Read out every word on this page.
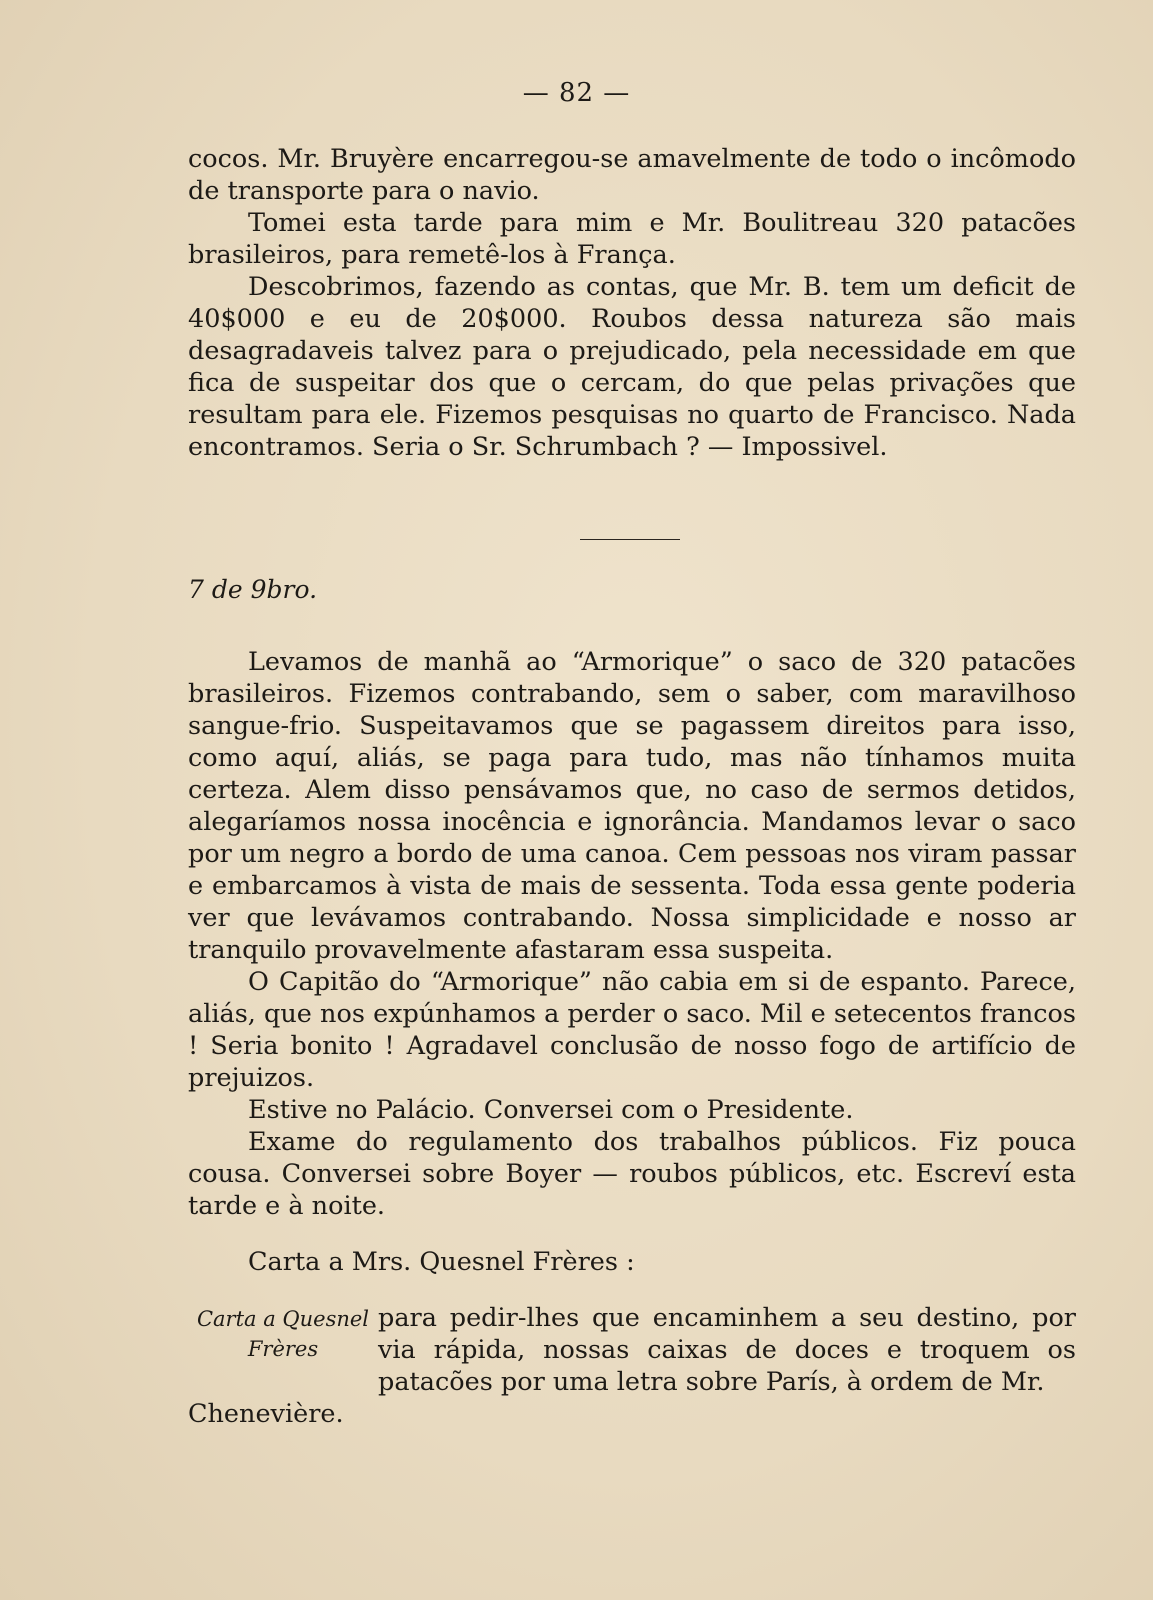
— 82 —

cocos. Mr. Bruyère encarregou-se amavelmente de todo o incômodo de transporte para o navio.

Tomei esta tarde para mim e Mr. Boulitreau 320 patacões brasileiros, para remetê-los à França.

Descobrimos, fazendo as contas, que Mr. B. tem um deficit de 40$000 e eu de 20$000. Roubos dessa natureza são mais desagradaveis talvez para o prejudicado, pela necessidade em que fica de suspeitar dos que o cercam, do que pelas privações que resultam para ele. Fizemos pesquisas no quarto de Francisco. Nada encontramos. Seria o Sr. Schrumbach ? — Impossivel.

7 de 9bro.

Levamos de manhã ao “Armorique” o saco de 320 patacões brasileiros. Fizemos contrabando, sem o saber, com maravilhoso sangue-frio. Suspeitavamos que se pagassem direitos para isso, como aquí, aliás, se paga para tudo, mas não tínhamos muita certeza. Alem disso pensávamos que, no caso de sermos detidos, alegaríamos nossa inocência e ignorância. Mandamos levar o saco por um negro a bordo de uma canoa. Cem pessoas nos viram passar e embarcamos à vista de mais de sessenta. Toda essa gente poderia ver que levávamos contrabando. Nossa simplicidade e nosso ar tranquilo provavelmente afastaram essa suspeita.

O Capitão do “Armorique” não cabia em si de espanto. Parece, aliás, que nos expúnhamos a perder o saco. Mil e setecentos francos ! Seria bonito ! Agradavel conclusão de nosso fogo de artifício de prejuizos.

Estive no Palácio. Conversei com o Presidente.

Exame do regulamento dos trabalhos públicos. Fiz pouca cousa. Conversei sobre Boyer — roubos públicos, etc. Escreví esta tarde e à noite.

Carta a Mrs. Quesnel Frères :

Carta a Quesnel Frères
para pedir-lhes que encaminhem a seu destino, por via rápida, nossas caixas de doces e troquem os patacões por uma letra sobre París, à ordem de Mr.

Chenevière.
